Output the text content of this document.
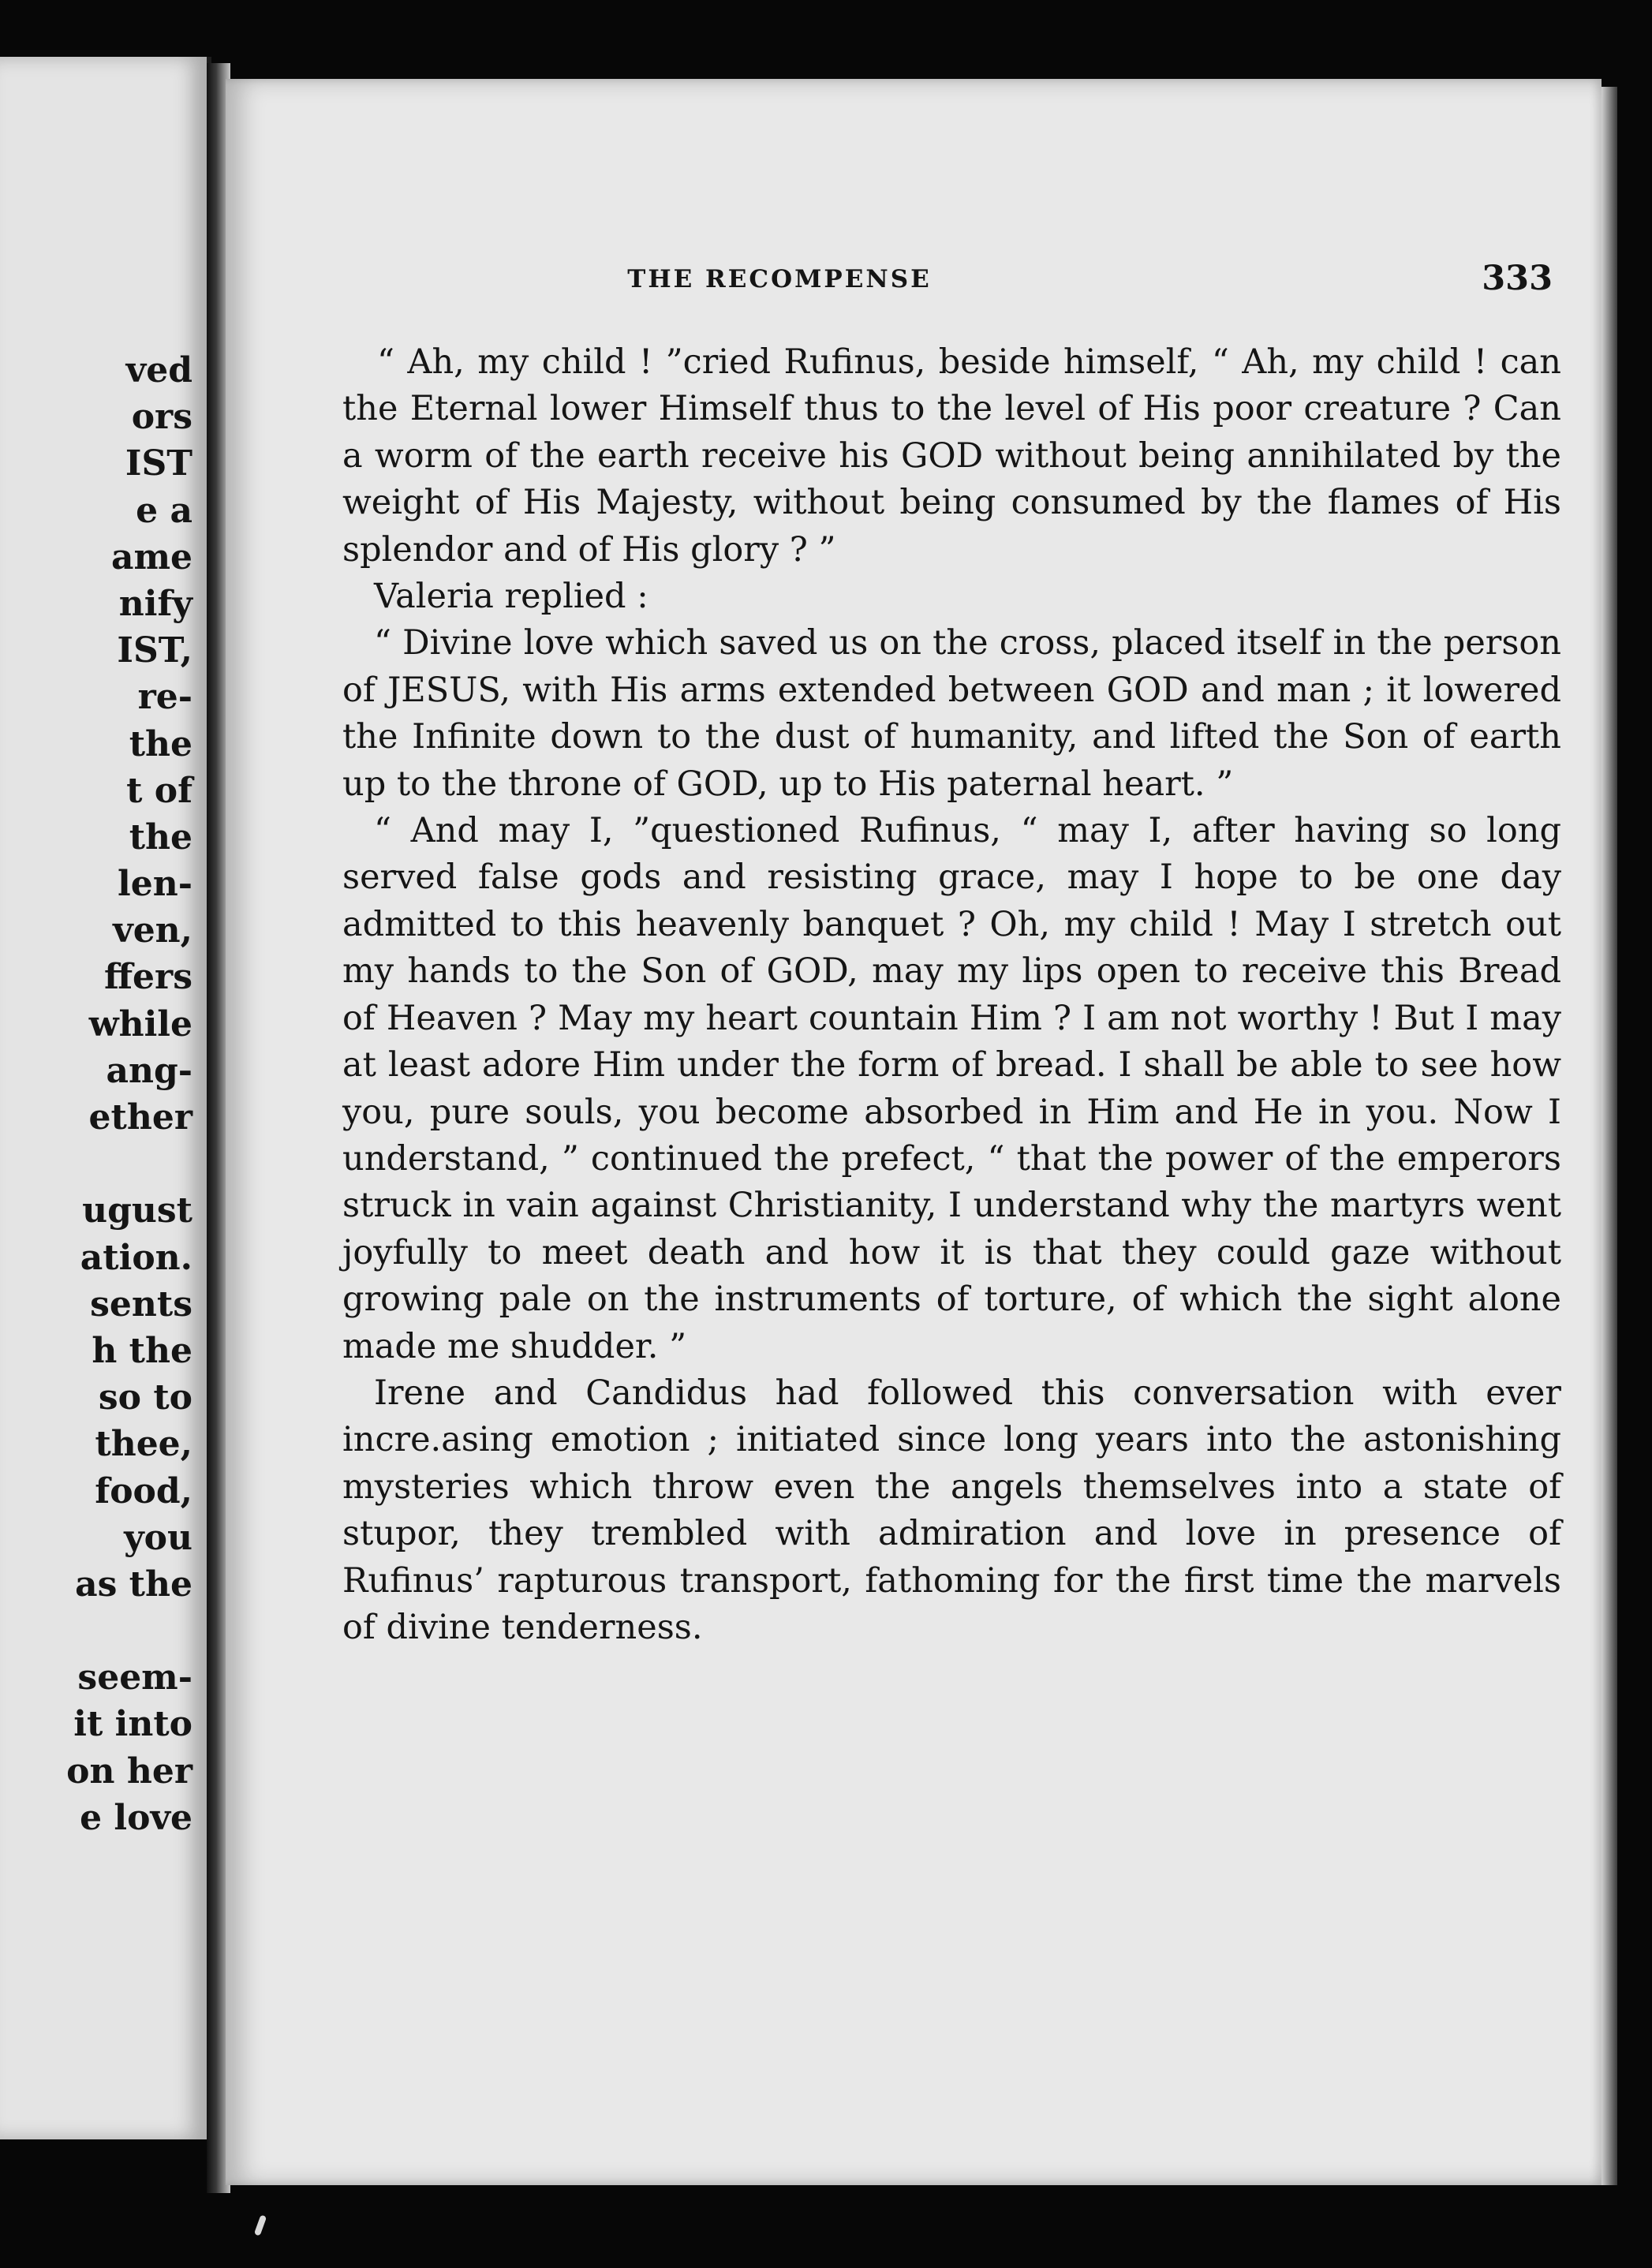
ved
ors
IST
e a
ame
nify
IST,
re-
the
t of
the
len-
ven,
ffers
while
ang-
ether
ugust
ation.
sents
h the
so to
thee,
food,
you
as the
seem-
it into
on her
e love
THE RECOMPENSE	333

“ Ah, my child ! ”cried Rufinus, beside himself, “ Ah, my child ! can the Eternal lower Himself thus to the level of His poor creature ? Can a worm of the earth receive his GOD without being annihilated by the weight of His Majesty, without being consumed by the flames of His splendor and of His glory ? ”

Valeria replied :

“ Divine love which saved us on the cross, placed itself in the person of JESUS, with His arms extended between GOD and man ; it lowered the Infinite down to the dust of humanity, and lifted the Son of earth up to the throne of GOD, up to His paternal heart. ”

“ And may I, ”questioned Rufinus, “ may I, after having so long served false gods and resisting grace, may I hope to be one day admitted to this heavenly banquet ? Oh, my child ! May I stretch out my hands to the Son of GOD, may my lips open to receive this Bread of Heaven ? May my heart countain Him ? I am not worthy ! But I may at least adore Him under the form of bread. I shall be able to see how you, pure souls, you become absorbed in Him and He in you. Now I understand, ” continued the prefect, “ that the power of the emperors struck in vain against Christianity, I understand why the martyrs went joyfully to meet death and how it is that they could gaze without growing pale on the instruments of torture, of which the sight alone made me shudder. ”

Irene and Candidus had followed this conversation with ever incre.asing emotion ; initiated since long years into the astonishing mysteries which throw even the angels themselves into a state of stupor, they trembled with admiration and love in presence of Rufinus’ rapturous transport, fathoming for the first time the marvels of divine tenderness.
